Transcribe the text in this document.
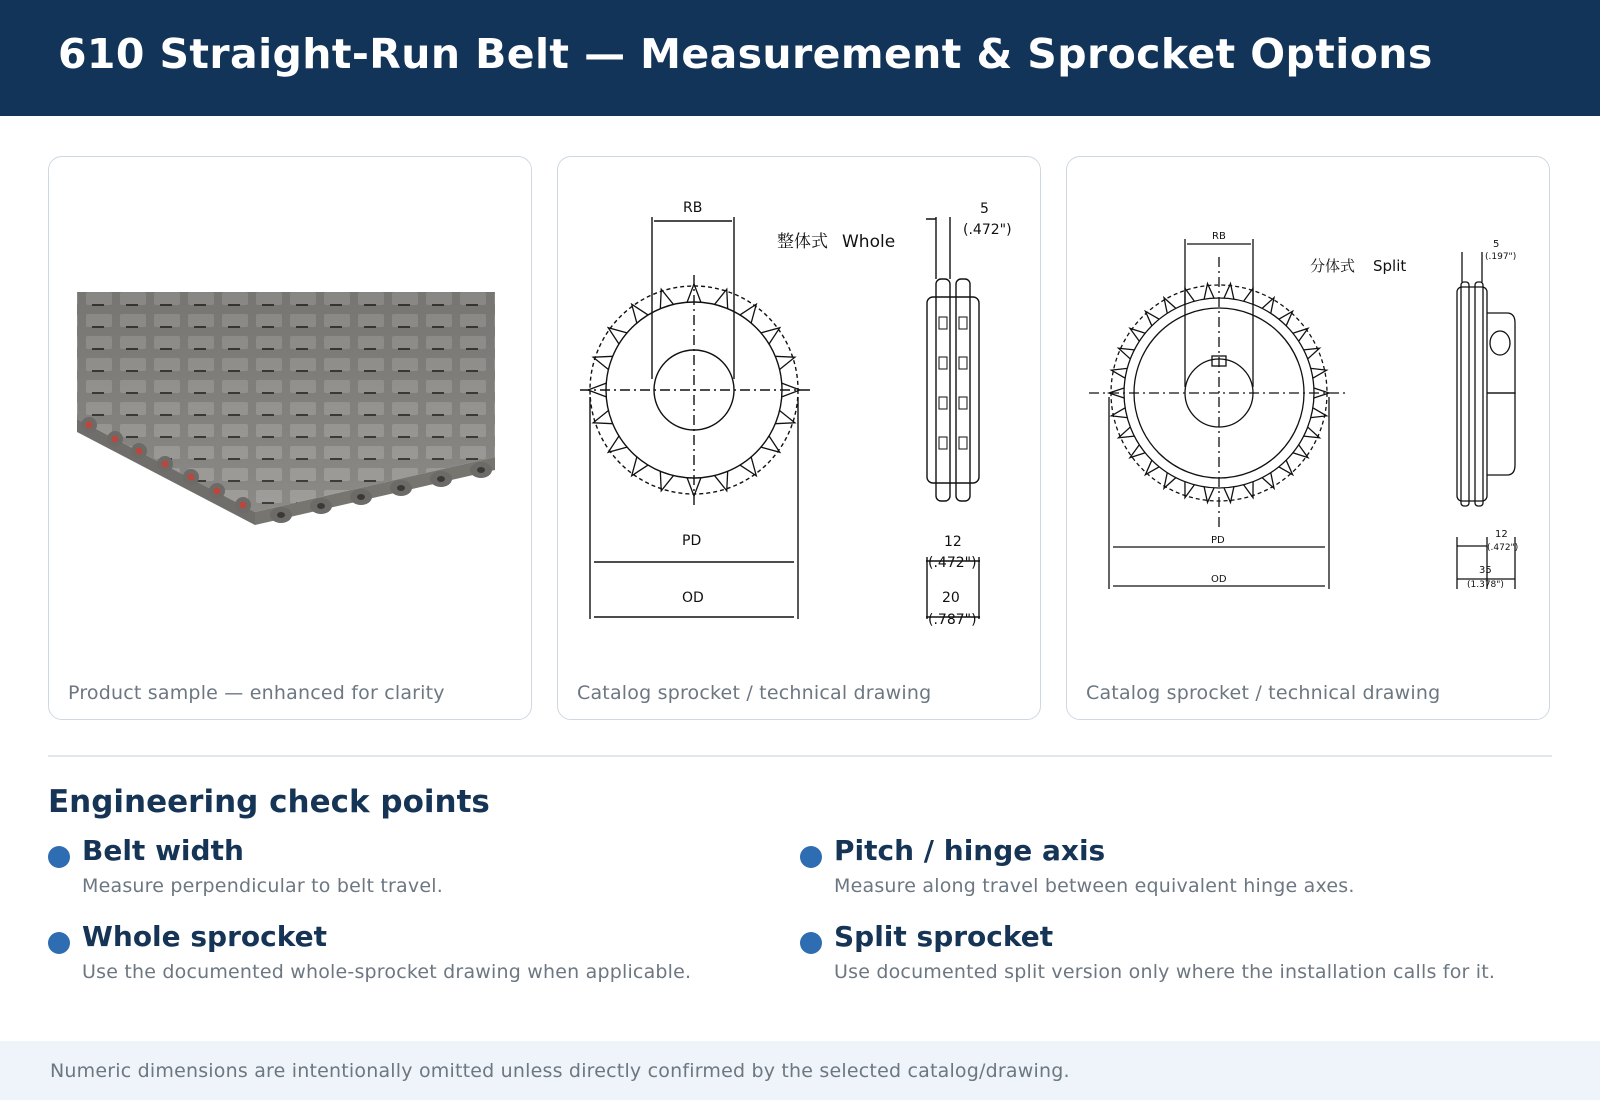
610 Straight-Run Belt — Measurement & Sprocket Options
Product sample — enhanced for clarity
RB
整体式 Whole
PD
OD
5
(.472")
12
(.472")
20
(.787")
Catalog sprocket / technical drawing
RB
分体式 Split
PD
OD
5
(.197")
12
(.472")
35
(1.378")
Catalog sprocket / technical drawing
Engineering check points
Belt width
Measure perpendicular to belt travel.
Pitch / hinge axis
Measure along travel between equivalent hinge axes.
Whole sprocket
Use the documented whole-sprocket drawing when applicable.
Split sprocket
Use documented split version only where the installation calls for it.
Numeric dimensions are intentionally omitted unless directly confirmed by the selected catalog/drawing.
